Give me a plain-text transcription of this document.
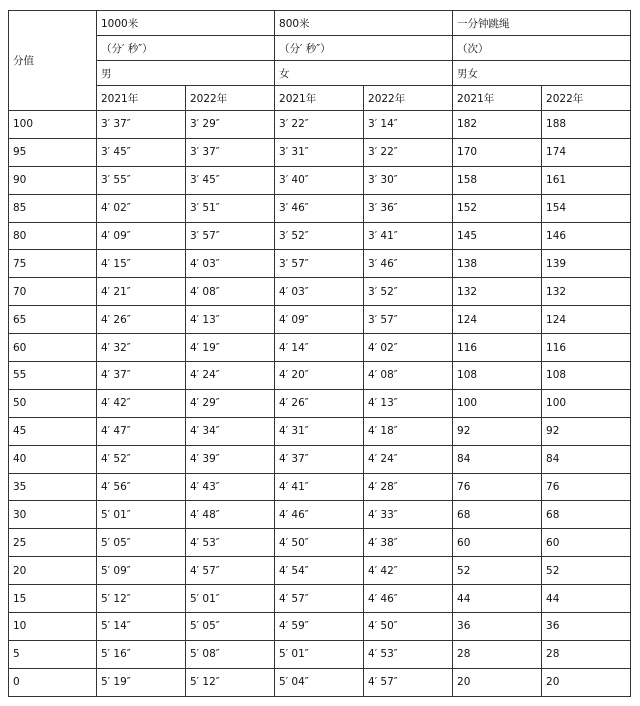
分值	1000米		800米		一分钟跳绳	
	（分′ 秒″）		（分′ 秒″）		（次）	
	男		女		男女	
	2021年	2022年	2021年	2022年	2021年	2022年
100	3′ 37″	3′ 29″	3′ 22″	3′ 14″	182	188
95	3′ 45″	3′ 37″	3′ 31″	3′ 22″	170	174
90	3′ 55″	3′ 45″	3′ 40″	3′ 30″	158	161
85	4′ 02″	3′ 51″	3′ 46″	3′ 36″	152	154
80	4′ 09″	3′ 57″	3′ 52″	3′ 41″	145	146
75	4′ 15″	4′ 03″	3′ 57″	3′ 46″	138	139
70	4′ 21″	4′ 08″	4′ 03″	3′ 52″	132	132
65	4′ 26″	4′ 13″	4′ 09″	3′ 57″	124	124
60	4′ 32″	4′ 19″	4′ 14″	4′ 02″	116	116
55	4′ 37″	4′ 24″	4′ 20″	4′ 08″	108	108
50	4′ 42″	4′ 29″	4′ 26″	4′ 13″	100	100
45	4′ 47″	4′ 34″	4′ 31″	4′ 18″	92	92
40	4′ 52″	4′ 39″	4′ 37″	4′ 24″	84	84
35	4′ 56″	4′ 43″	4′ 41″	4′ 28″	76	76
30	5′ 01″	4′ 48″	4′ 46″	4′ 33″	68	68
25	5′ 05″	4′ 53″	4′ 50″	4′ 38″	60	60
20	5′ 09″	4′ 57″	4′ 54″	4′ 42″	52	52
15	5′ 12″	5′ 01″	4′ 57″	4′ 46″	44	44
10	5′ 14″	5′ 05″	4′ 59″	4′ 50″	36	36
5	5′ 16″	5′ 08″	5′ 01″	4′ 53″	28	28
0	5′ 19″	5′ 12″	5′ 04″	4′ 57″	20	20
